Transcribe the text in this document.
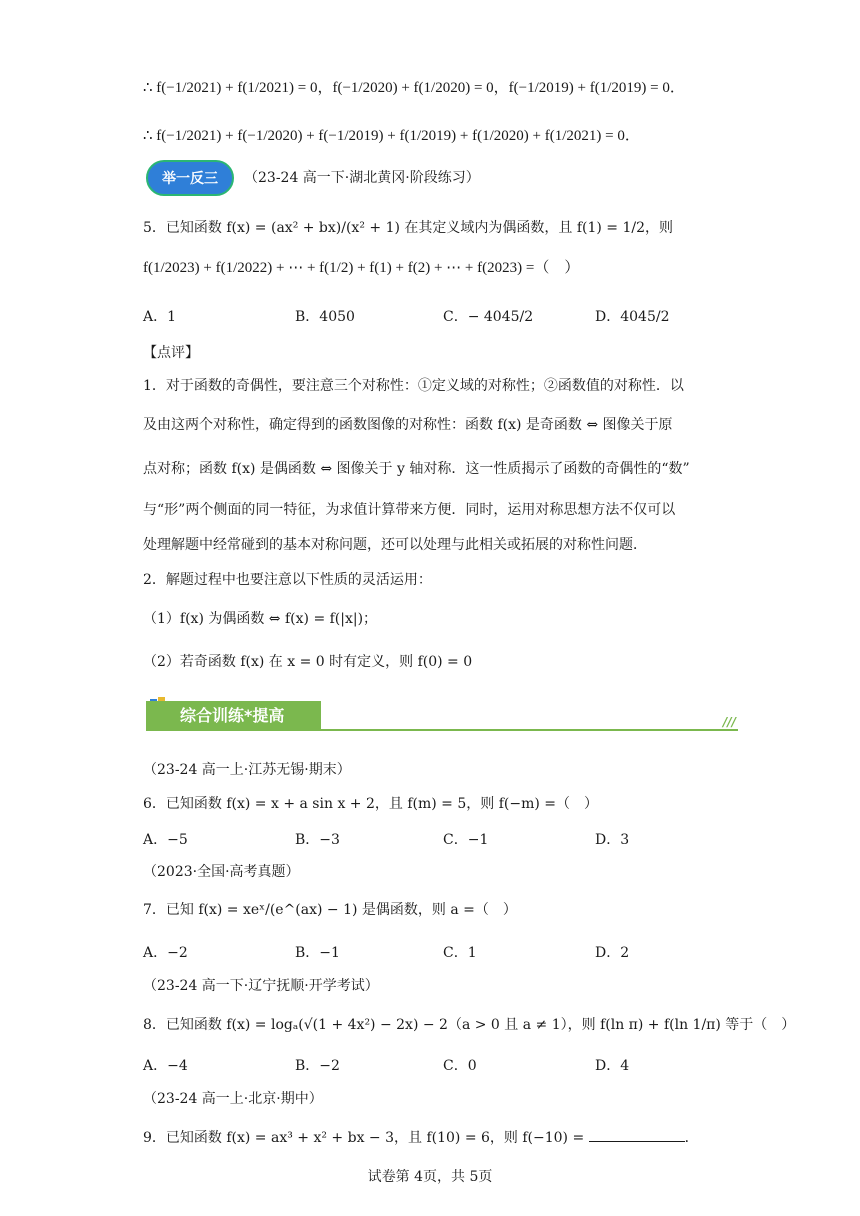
∴ f(−1/2021) + f(1/2021) = 0，f(−1/2020) + f(1/2020) = 0，f(−1/2019) + f(1/2019) = 0．
∴ f(−1/2021) + f(−1/2020) + f(−1/2019) + f(1/2019) + f(1/2020) + f(1/2021) = 0．
举一反三	（23-24 高一下·湖北黄冈·阶段练习）
5．已知函数 f(x) = (ax² + bx)/(x² + 1) 在其定义域内为偶函数，且 f(1) = 1/2，则
f(1/2023) + f(1/2022) + ⋯ + f(1/2) + f(1) + f(2) + ⋯ + f(2023) =（　）
A．1	B．4050	C．− 4045/2	D．4045/2
【点评】
1．对于函数的奇偶性，要注意三个对称性：①定义域的对称性；②函数值的对称性．以
及由这两个对称性，确定得到的函数图像的对称性：函数 f(x) 是奇函数 ⇔ 图像关于原
点对称；函数 f(x) 是偶函数 ⇔ 图像关于 y 轴对称．这一性质揭示了函数的奇偶性的“数”
与“形”两个侧面的同一特征，为求值计算带来方便．同时，运用对称思想方法不仅可以
处理解题中经常碰到的基本对称问题，还可以处理与此相关或拓展的对称性问题．
2．解题过程中也要注意以下性质的灵活运用：
（1）f(x) 为偶函数 ⇔ f(x) = f(|x|)；
（2）若奇函数 f(x) 在 x = 0 时有定义，则 f(0) = 0
综合训练*提高	///
（23-24 高一上·江苏无锡·期末）
6．已知函数 f(x) = x + a sin x + 2，且 f(m) = 5，则 f(−m) =（　）
A．−5	B．−3	C．−1	D．3
（2023·全国·高考真题）
7．已知 f(x) = xeˣ/(e^(ax) − 1) 是偶函数，则 a =（　）
A．−2	B．−1	C．1	D．2
（23-24 高一下·辽宁抚顺·开学考试）
8．已知函数 f(x) = logₐ(√(1 + 4x²) − 2x) − 2（a > 0 且 a ≠ 1），则 f(ln π) + f(ln 1/π) 等于（　）
A．−4	B．−2	C．0	D．4
（23-24 高一上·北京·期中）
9．已知函数 f(x) = ax³ + x² + bx − 3，且 f(10) = 6，则 f(−10) =	．
试卷第 4页，共 5页
